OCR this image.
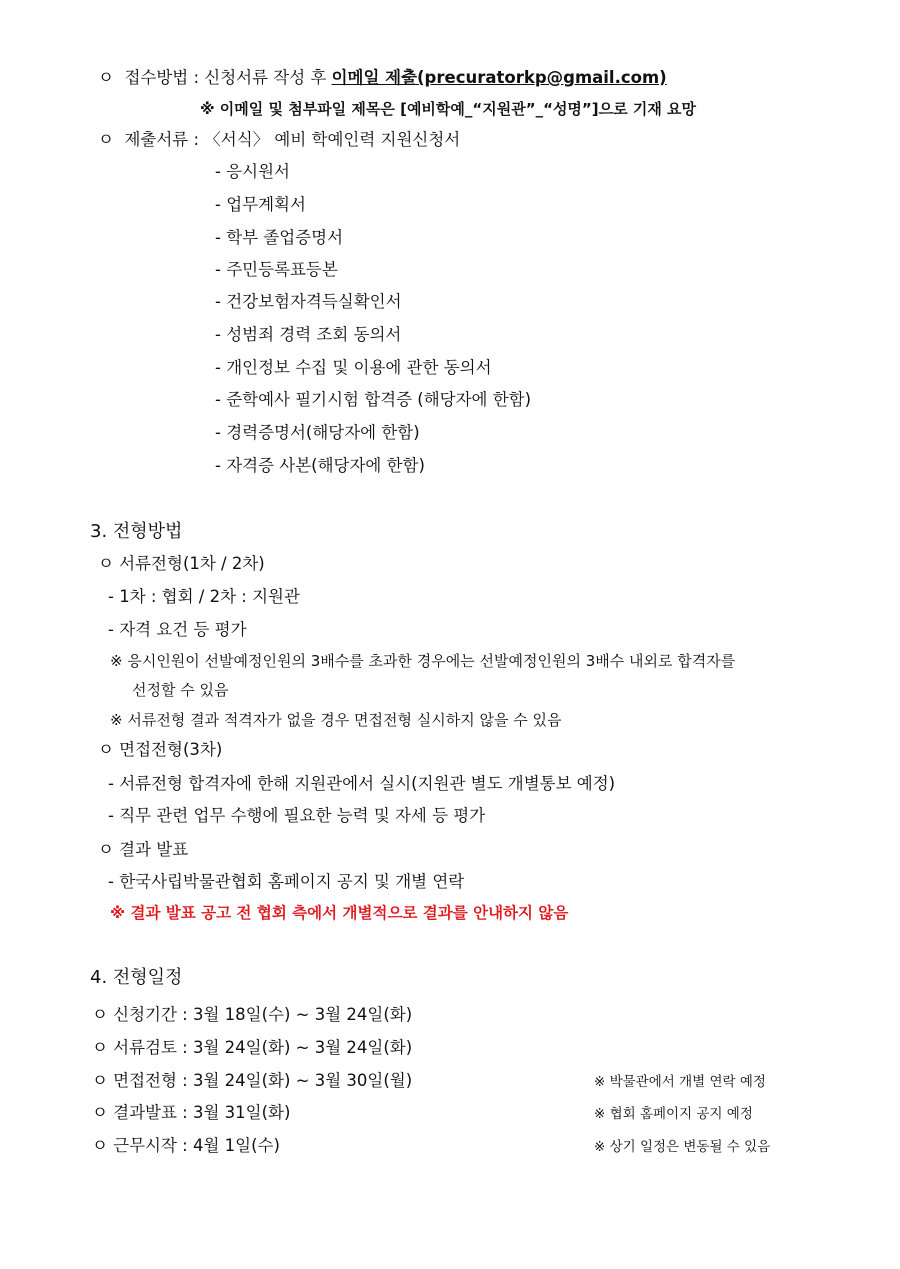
ㅇ 접수방법 : 신청서류 작성 후 이메일 제출(precuratorkp@gmail.com)
※ 이메일 및 첨부파일 제목은 [예비학예_“지원관”_“성명”]으로 기재 요망
ㅇ 제출서류 : 〈서식〉 예비 학예인력 지원신청서
- 응시원서
- 업무계획서
- 학부 졸업증명서
- 주민등록표등본
- 건강보험자격득실확인서
- 성범죄 경력 조회 동의서
- 개인정보 수집 및 이용에 관한 동의서
- 준학예사 필기시험 합격증 (해당자에 한함)
- 경력증명서(해당자에 한함)
- 자격증 사본(해당자에 한함)
3. 전형방법
ㅇ 서류전형(1차 / 2차)
- 1차 : 협회 / 2차 : 지원관
- 자격 요건 등 평가
※ 응시인원이 선발예정인원의 3배수를 초과한 경우에는 선발예정인원의 3배수 내외로 합격자를
선정할 수 있음
※ 서류전형 결과 적격자가 없을 경우 면접전형 실시하지 않을 수 있음
ㅇ 면접전형(3차)
- 서류전형 합격자에 한해 지원관에서 실시(지원관 별도 개별통보 예정)
- 직무 관련 업무 수행에 필요한 능력 및 자세 등 평가
ㅇ 결과 발표
- 한국사립박물관협회 홈페이지 공지 및 개별 연락
※ 결과 발표 공고 전 협회 측에서 개별적으로 결과를 안내하지 않음
4. 전형일정
ㅇ 신청기간 : 3월 18일(수) ~ 3월 24일(화)
ㅇ 서류검토 : 3월 24일(화) ~ 3월 24일(화)
ㅇ 면접전형 : 3월 24일(화) ~ 3월 30일(월)	※ 박물관에서 개별 연락 예정
ㅇ 결과발표 : 3월 31일(화)	※ 협회 홈페이지 공지 예정
ㅇ 근무시작 : 4월 1일(수)	※ 상기 일정은 변동될 수 있음
